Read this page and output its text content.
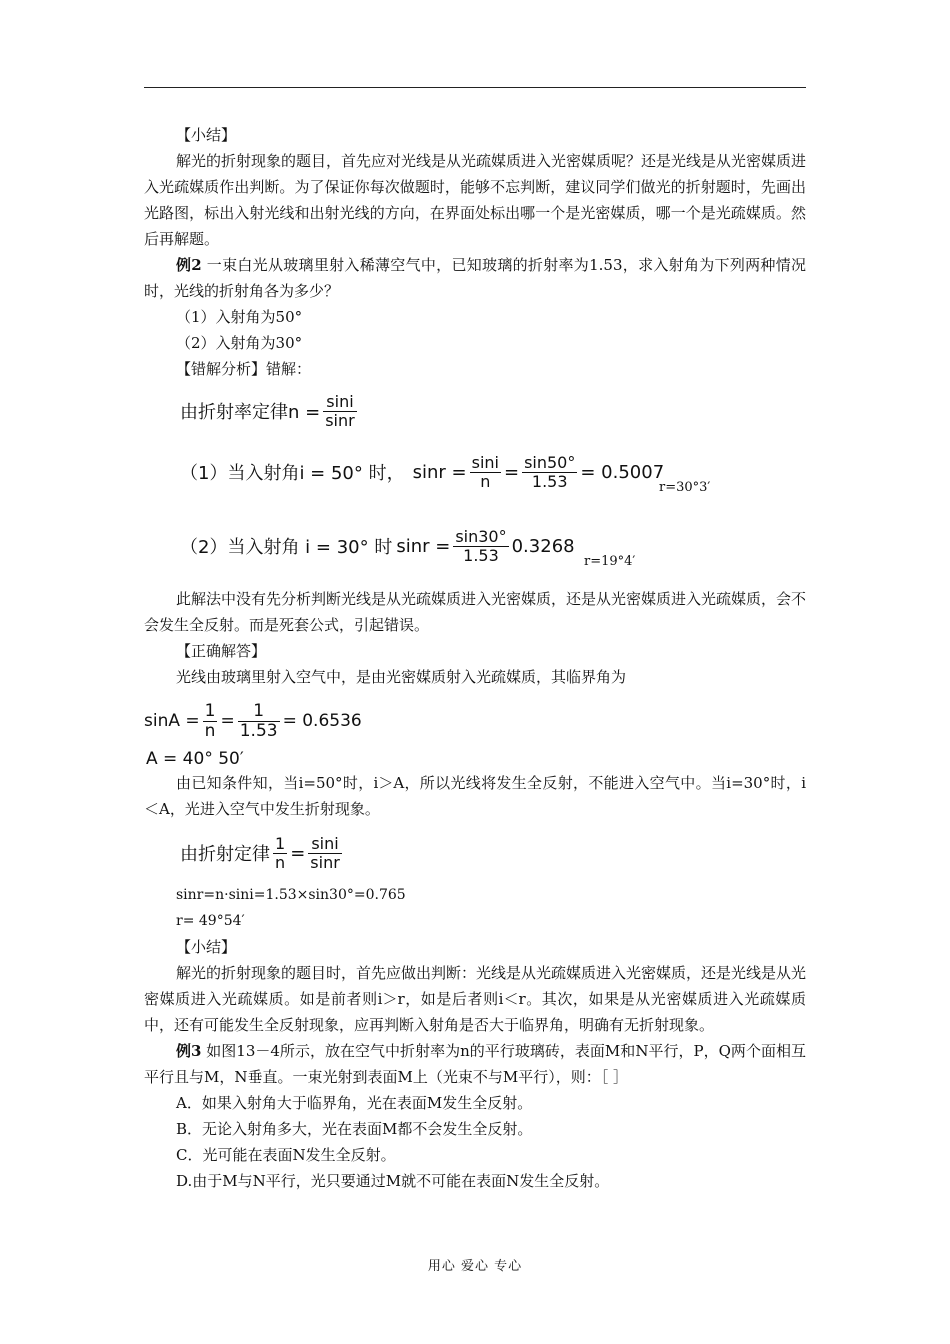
【小结】

解光的折射现象的题目，首先应对光线是从光疏媒质进入光密媒质呢？还是光线是从光密媒质进入光疏媒质作出判断。为了保证你每次做题时，能够不忘判断，建议同学们做光的折射题时，先画出光路图，标出入射光线和出射光线的方向，在界面处标出哪一个是光密媒质，哪一个是光疏媒质。然后再解题。

例2 一束白光从玻璃里射入稀薄空气中，已知玻璃的折射率为1.53，求入射角为下列两种情况时，光线的折射角各为多少？

（1）入射角为50°

（2）入射角为30°

【错解分析】错解：

由折射率定律$n = \frac{\sin i}{\sin r}$
（1）当入射角i = 50° 时， $\sin r = \frac{\sin i}{n} = \frac{\sin 50^\circ}{1.53} = 0.5007$
r=30°3′
（2）当入射角 i = 30° 时 $\sin r = \frac{\sin 30^\circ}{1.53} 0.3268$
r=19°4′

此解法中没有先分析判断光线是从光疏媒质进入光密媒质，还是从光密媒质进入光疏媒质，会不会发生全反射。而是死套公式，引起错误。

【正确解答】

光线由玻璃里射入空气中，是由光密媒质射入光疏媒质，其临界角为

$\sin A = \frac{1}{n} = \frac{1}{1.53} = 0.6536$
A = 40° 50′

由已知条件知，当i=50°时，i＞A，所以光线将发生全反射，不能进入空气中。当i=30°时，i＜A，光进入空气中发生折射现象。

由折射定律 $\frac{1}{n} = \frac{\sin i}{\sin r}$

sinr=n·sini=1.53×sin30°=0.765

r= 49°54′

【小结】

解光的折射现象的题目时，首先应做出判断：光线是从光疏媒质进入光密媒质，还是光线是从光密媒质进入光疏媒质。如是前者则i＞r，如是后者则i＜r。其次，如果是从光密媒质进入光疏媒质中，还有可能发生全反射现象，应再判断入射角是否大于临界角，明确有无折射现象。

例3 如图13－4所示，放在空气中折射率为n的平行玻璃砖，表面M和N平行，P，Q两个面相互平行且与M，N垂直。一束光射到表面M上（光束不与M平行），则：［ ］

A．如果入射角大于临界角，光在表面M发生全反射。

B．无论入射角多大，光在表面M都不会发生全反射。

C．光可能在表面N发生全反射。

D.由于M与N平行，光只要通过M就不可能在表面N发生全反射。

用心 爱心 专心
